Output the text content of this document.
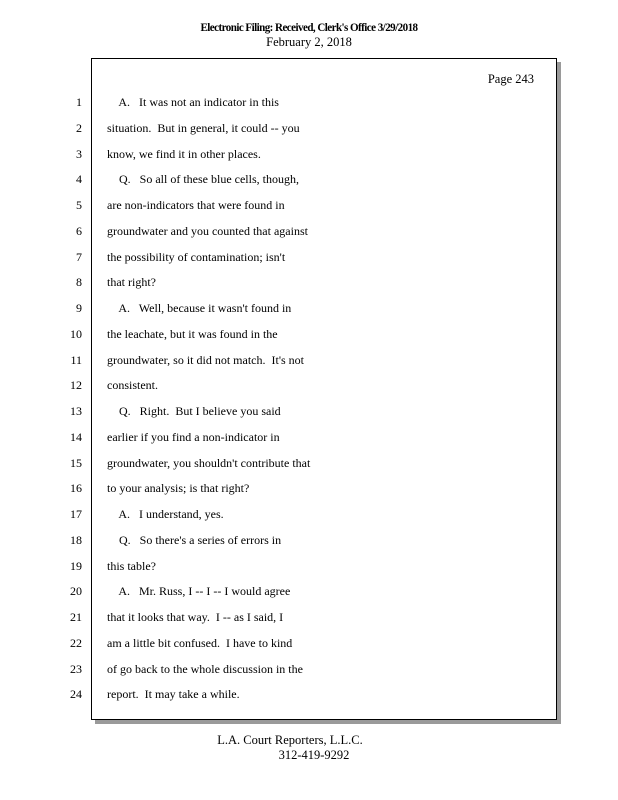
Electronic Filing: Received, Clerk's Office 3/29/2018
February 2, 2018
Page 243
1 A.   It was not an indicator in this
2 situation.  But in general, it could -- you
3 know, we find it in other places.
4 Q.   So all of these blue cells, though,
5 are non-indicators that were found in
6 groundwater and you counted that against
7 the possibility of contamination; isn't
8 that right?
9 A.   Well, because it wasn't found in
10 the leachate, but it was found in the
11 groundwater, so it did not match.  It's not
12 consistent.
13 Q.   Right.  But I believe you said
14 earlier if you find a non-indicator in
15 groundwater, you shouldn't contribute that
16 to your analysis; is that right?
17 A.   I understand, yes.
18 Q.   So there's a series of errors in
19 this table?
20 A.   Mr. Russ, I -- I -- I would agree
21 that it looks that way.  I -- as I said, I
22 am a little bit confused.  I have to kind
23 of go back to the whole discussion in the
24 report.  It may take a while.
L.A. Court Reporters, L.L.C.
312-419-9292
